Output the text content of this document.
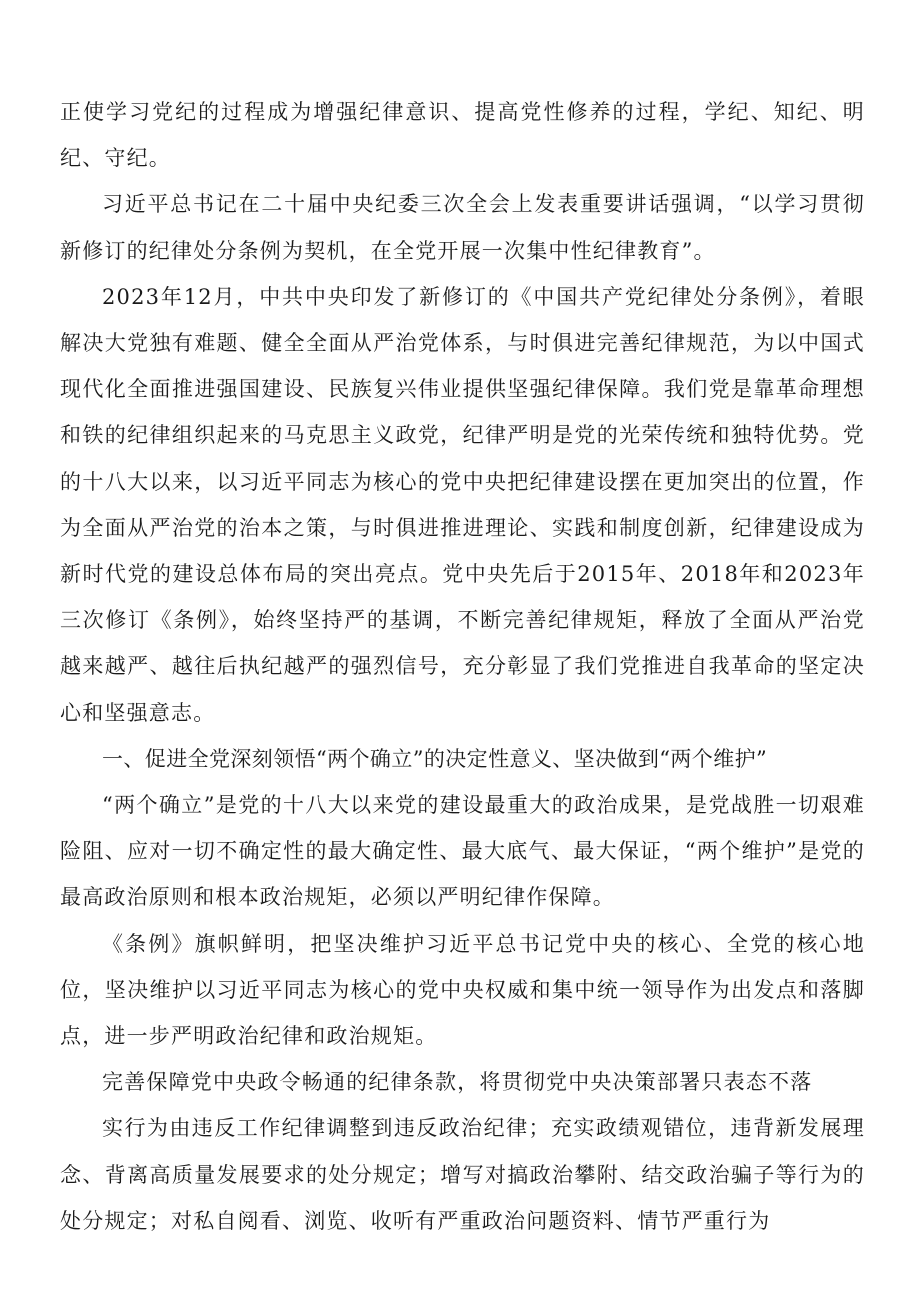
正使学习党纪的过程成为增强纪律意识、提高党性修养的过程，学纪、知纪、明纪、守纪。

习近平总书记在二十届中央纪委三次全会上发表重要讲话强调，“以学习贯彻新修订的纪律处分条例为契机，在全党开展一次集中性纪律教育”。

2023年12月，中共中央印发了新修订的《中国共产党纪律处分条例》，着眼解决大党独有难题、健全全面从严治党体系，与时俱进完善纪律规范，为以中国式现代化全面推进强国建设、民族复兴伟业提供坚强纪律保障。我们党是靠革命理想和铁的纪律组织起来的马克思主义政党，纪律严明是党的光荣传统和独特优势。党的十八大以来，以习近平同志为核心的党中央把纪律建设摆在更加突出的位置，作为全面从严治党的治本之策，与时俱进推进理论、实践和制度创新，纪律建设成为新时代党的建设总体布局的突出亮点。党中央先后于2015年、2018年和2023年三次修订《条例》，始终坚持严的基调，不断完善纪律规矩，释放了全面从严治党越来越严、越往后执纪越严的强烈信号，充分彰显了我们党推进自我革命的坚定决心和坚强意志。

一、促进全党深刻领悟“两个确立”的决定性意义、坚决做到“两个维护”

“两个确立”是党的十八大以来党的建设最重大的政治成果，是党战胜一切艰难险阻、应对一切不确定性的最大确定性、最大底气、最大保证，“两个维护”是党的最高政治原则和根本政治规矩，必须以严明纪律作保障。

《条例》旗帜鲜明，把坚决维护习近平总书记党中央的核心、全党的核心地位，坚决维护以习近平同志为核心的党中央权威和集中统一领导作为出发点和落脚点，进一步严明政治纪律和政治规矩。

完善保障党中央政令畅通的纪律条款，将贯彻党中央决策部署只表态不落

实行为由违反工作纪律调整到违反政治纪律；充实政绩观错位，违背新发展理念、背离高质量发展要求的处分规定；增写对搞政治攀附、结交政治骗子等行为的处分规定；对私自阅看、浏览、收听有严重政治问题资料、情节严重行为
